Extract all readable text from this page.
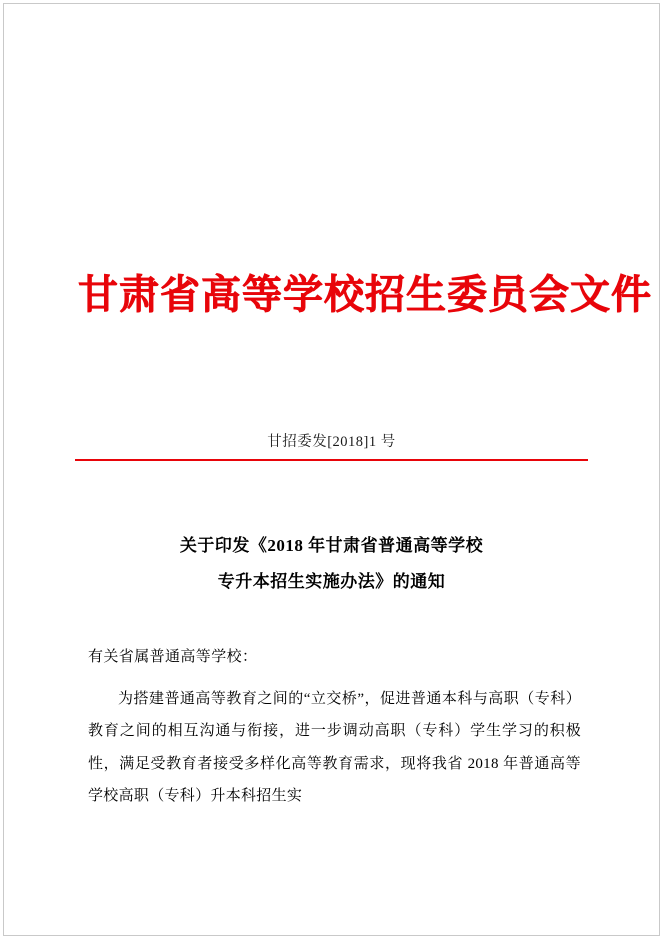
甘肃省高等学校招生委员会文件
甘招委发[2018]1 号
关于印发《2018 年甘肃省普通高等学校
专升本招生实施办法》的通知
有关省属普通高等学校：

为搭建普通高等教育之间的“立交桥”，促进普通本科与高职（专科）教育之间的相互沟通与衔接，进一步调动高职（专科）学生学习的积极性，满足受教育者接受多样化高等教育需求，现将我省 2018 年普通高等学校高职（专科）升本科招生实
